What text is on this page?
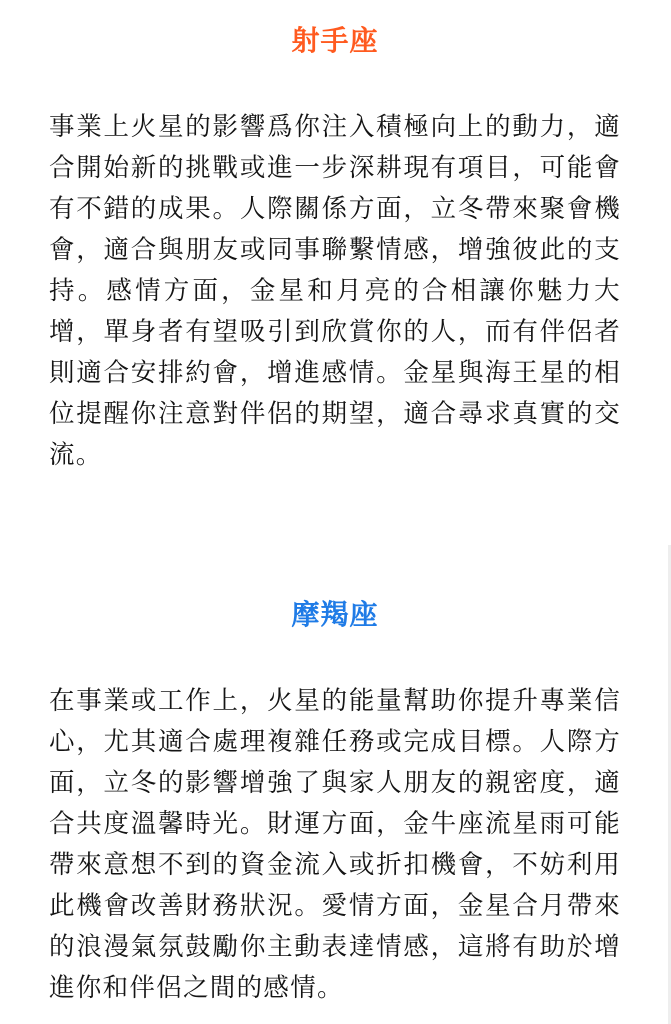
射手座

事業上火星的影響爲你注入積極向上的動力，適合開始新的挑戰或進一步深耕現有項目，可能會有不錯的成果。人際關係方面，立冬帶來聚會機會，適合與朋友或同事聯繫情感，增強彼此的支持。感情方面，金星和月亮的合相讓你魅力大增，單身者有望吸引到欣賞你的人，而有伴侶者則適合安排約會，增進感情。金星與海王星的相位提醒你注意對伴侶的期望，適合尋求真實的交流。

摩羯座

在事業或工作上，火星的能量幫助你提升專業信心，尤其適合處理複雜任務或完成目標。人際方面，立冬的影響增強了與家人朋友的親密度，適合共度溫馨時光。財運方面，金牛座流星雨可能帶來意想不到的資金流入或折扣機會，不妨利用此機會改善財務狀況。愛情方面，金星合月帶來的浪漫氣氛鼓勵你主動表達情感，這將有助於增進你和伴侶之間的感情。
